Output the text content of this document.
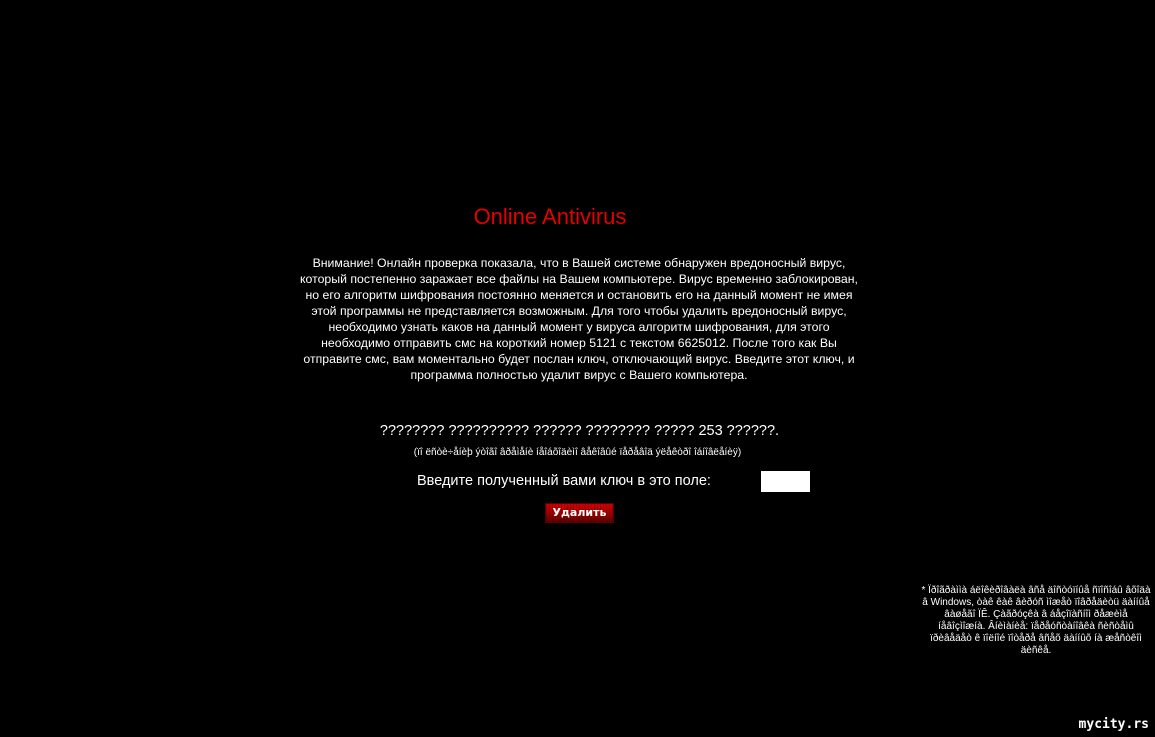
Online Antivirus
Внимание! Онлайн проверка показала, что в Вашей системе обнаружен вредоносный вирус, который постепенно заражает все файлы на Вашем компьютере. Вирус временно заблокирован, но его алгоритм шифрования постоянно меняется и остановить его на данный момент не имея этой программы не представляется возможным. Для того чтобы удалить вредоносный вирус, необходимо узнать каков на данный момент у вируса алгоритм шифрования, для этого необходимо отправить смс на короткий номер 5121 с текстом 6625012. После того как Вы отправите смс, вам моментально будет послан ключ, отключающий вирус. Введите этот ключ, и программа полностью удалит вирус с Вашего компьютера.
???????? ?????????? ?????? ???????? ????? 253 ??????.
(ïî ëñòè÷åíèþ ýòîãî âðåìåíè íåîáõîäèìî âåêîâûé ïåðåâîä ýëåêòðî îáíîâëåíèÿ)
Введите полученный вами ключ в это поле:
Удалить
* Ïðîãðàììà áëîêèðîâàëà âñå äîñòóïíûå ñïîñîáû âõîäà â Windows, òàê êàê âèðóñ ìîæåò ïîâðåäèòü äàííûå âàøåãî ÏÊ. Çàãðóçêà â áåçîïàñíîì ðåæèìå íåâîçìîæíà. Âíèìàíèå: ïåðåóñòàíîâêà ñèñòåìû ïðèâåäåò ê ïîëíîé ïîòåðå âñåõ äàííûõ íà æåñòêîì äèñêå.
mycity.rs
